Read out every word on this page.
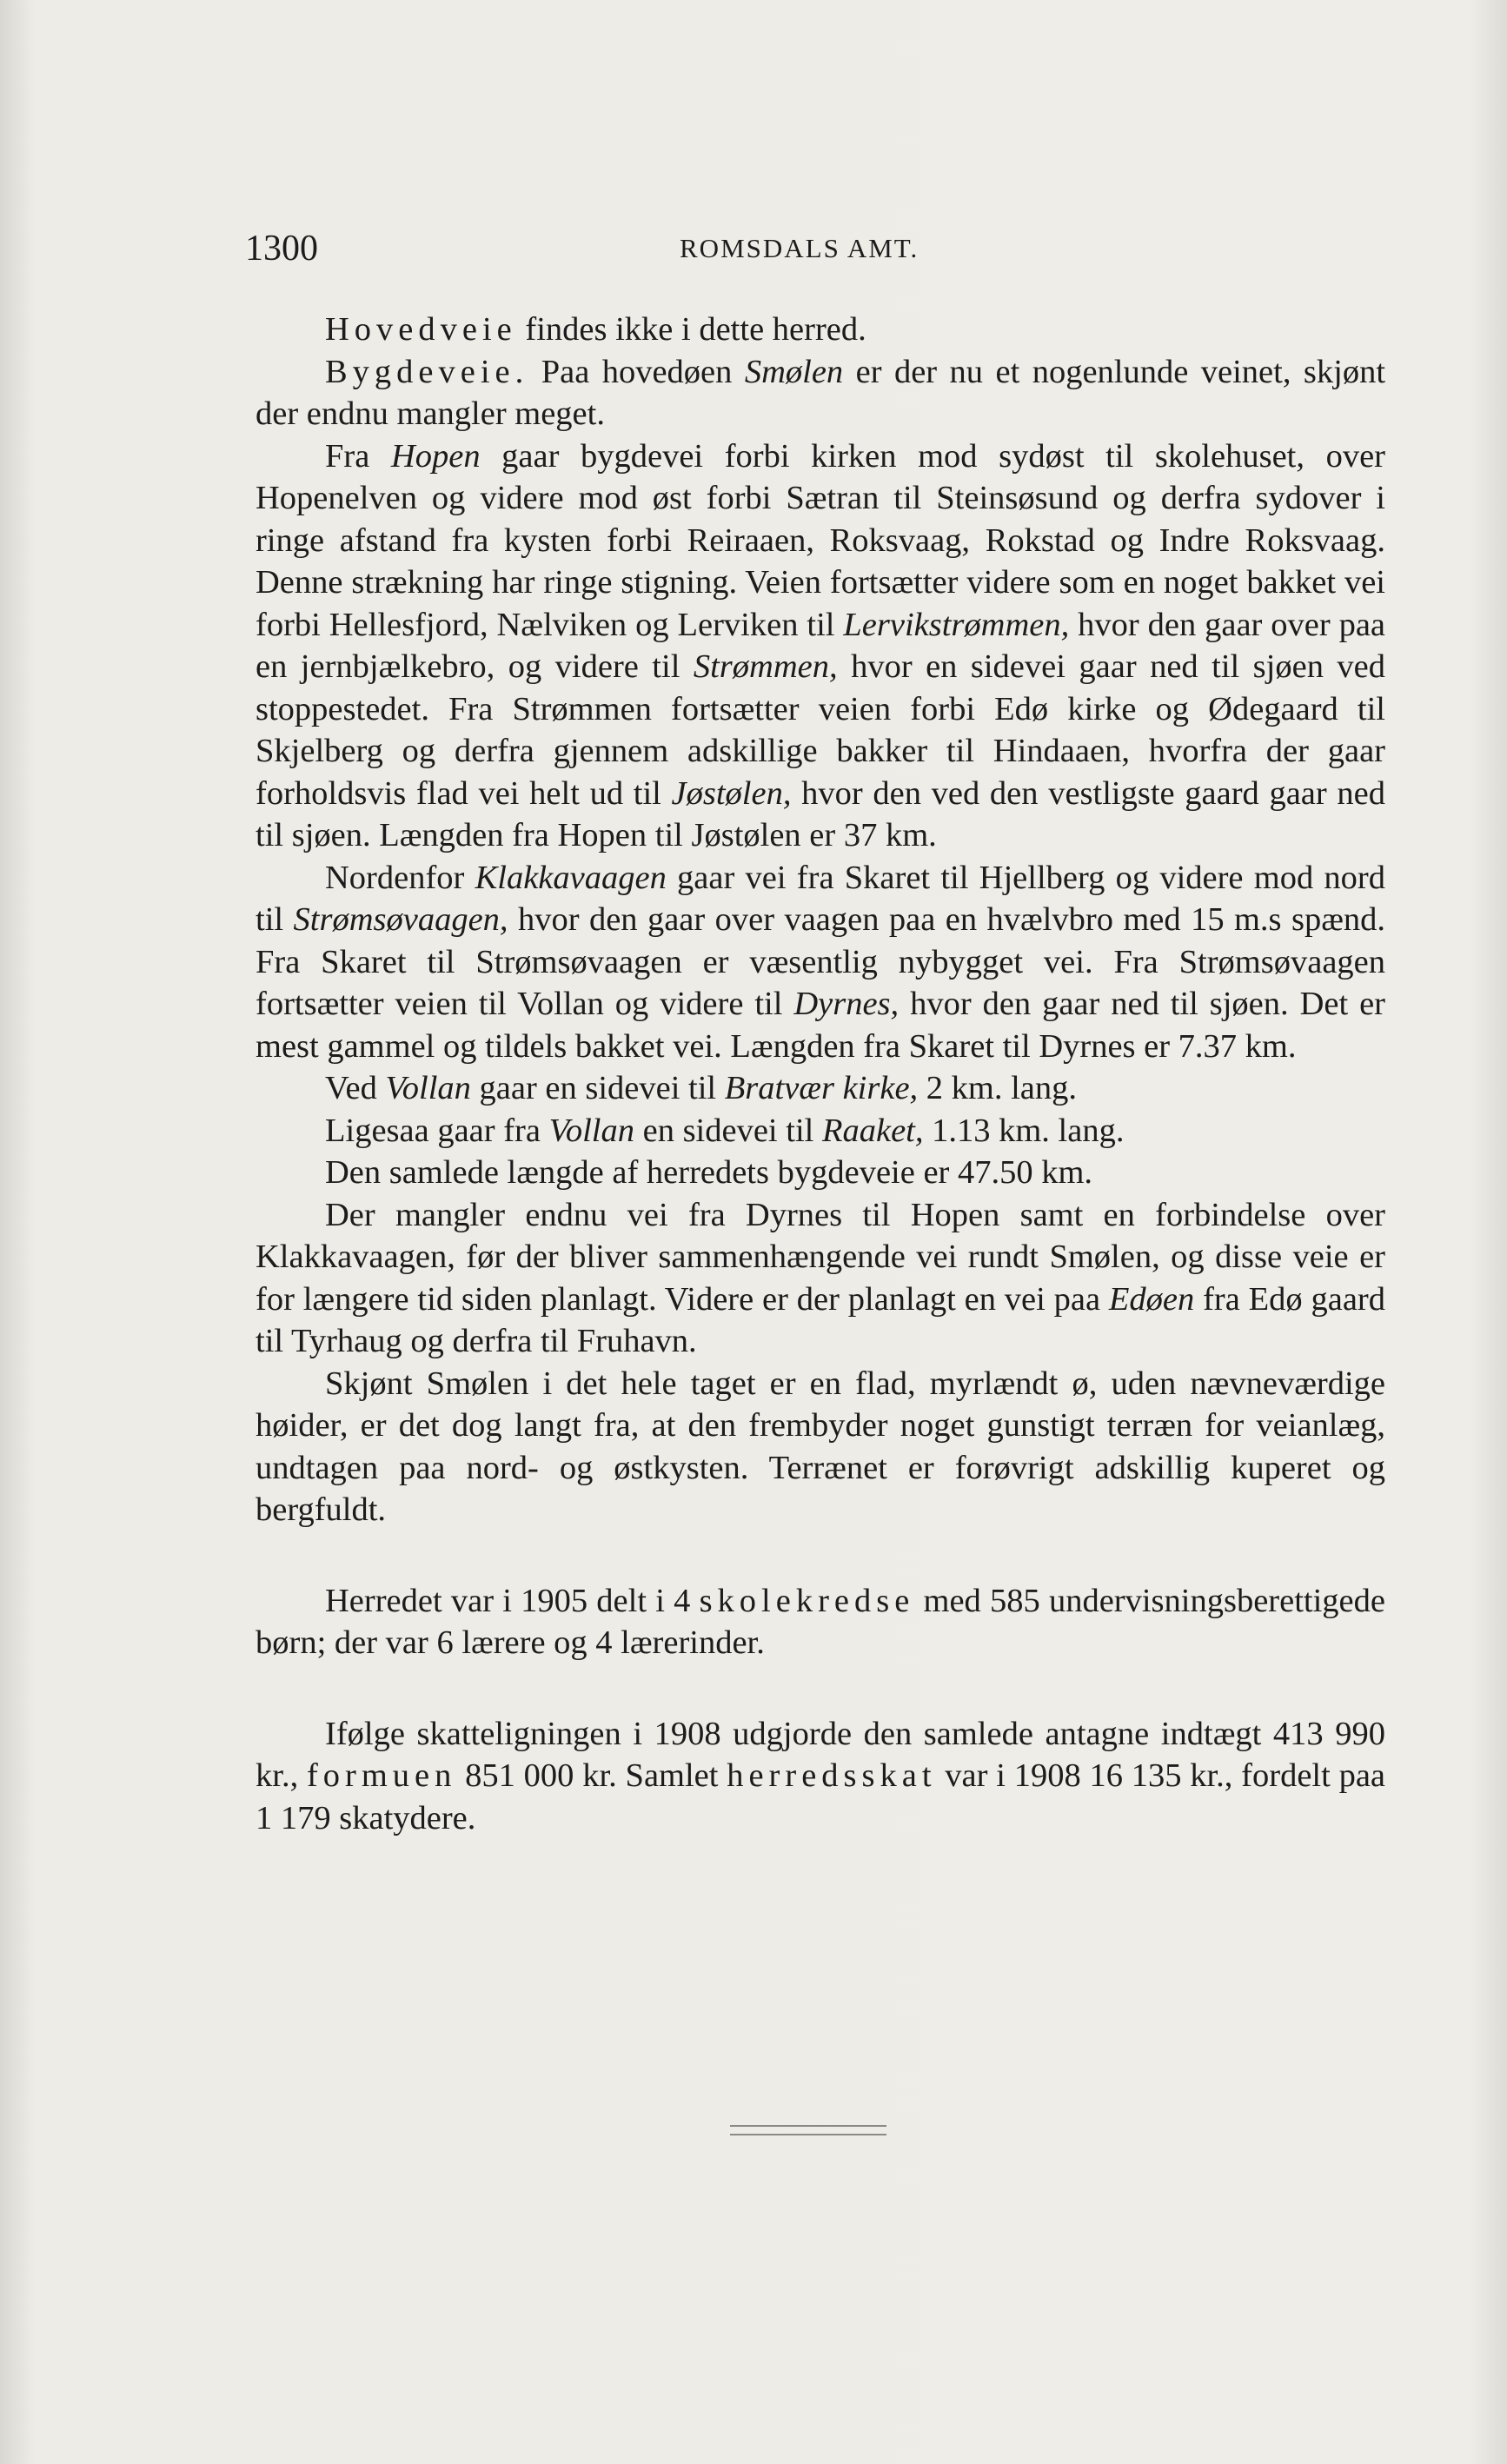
1300	ROMSDALS AMT.

Hovedveie findes ikke i dette herred.

Bygdeveie. Paa hovedøen Smølen er der nu et nogenlunde veinet, skjønt der endnu mangler meget.

Fra Hopen gaar bygdevei forbi kirken mod sydøst til skolehuset, over Hopenelven og videre mod øst forbi Sætran til Steinsøsund og derfra sydover i ringe afstand fra kysten forbi Reiraaen, Roksvaag, Rokstad og Indre Roksvaag. Denne strækning har ringe stigning. Veien fortsætter videre som en noget bakket vei forbi Hellesfjord, Nælviken og Lerviken til Lervikstrømmen, hvor den gaar over paa en jernbjælkebro, og videre til Strømmen, hvor en sidevei gaar ned til sjøen ved stoppestedet. Fra Strømmen fortsætter veien forbi Edø kirke og Ødegaard til Skjelberg og derfra gjennem adskillige bakker til Hindaaen, hvorfra der gaar forholdsvis flad vei helt ud til Jøstølen, hvor den ved den vestligste gaard gaar ned til sjøen. Længden fra Hopen til Jøstølen er 37 km.

Nordenfor Klakkavaagen gaar vei fra Skaret til Hjellberg og videre mod nord til Strømsøvaagen, hvor den gaar over vaagen paa en hvælvbro med 15 m.s spænd. Fra Skaret til Strømsøvaagen er væsentlig nybygget vei. Fra Strømsøvaagen fortsætter veien til Vollan og videre til Dyrnes, hvor den gaar ned til sjøen. Det er mest gammel og tildels bakket vei. Længden fra Skaret til Dyrnes er 7.37 km.

Ved Vollan gaar en sidevei til Bratvær kirke, 2 km. lang.

Ligesaa gaar fra Vollan en sidevei til Raaket, 1.13 km. lang.

Den samlede længde af herredets bygdeveie er 47.50 km.

Der mangler endnu vei fra Dyrnes til Hopen samt en forbindelse over Klakkavaagen, før der bliver sammenhængende vei rundt Smølen, og disse veie er for længere tid siden planlagt. Videre er der planlagt en vei paa Edøen fra Edø gaard til Tyrhaug og derfra til Fruhavn.

Skjønt Smølen i det hele taget er en flad, myrlændt ø, uden nævneværdige høider, er det dog langt fra, at den frembyder noget gunstigt terræn for veianlæg, undtagen paa nord- og østkysten. Terrænet er forøvrigt adskillig kuperet og bergfuldt.

Herredet var i 1905 delt i 4 skolekredse med 585 undervisningsberettigede børn; der var 6 lærere og 4 lærerinder.

Ifølge skatteligningen i 1908 udgjorde den samlede antagne indtægt 413 990 kr., formuen 851 000 kr. Samlet herredsskat var i 1908 16 135 kr., fordelt paa 1 179 skatydere.
